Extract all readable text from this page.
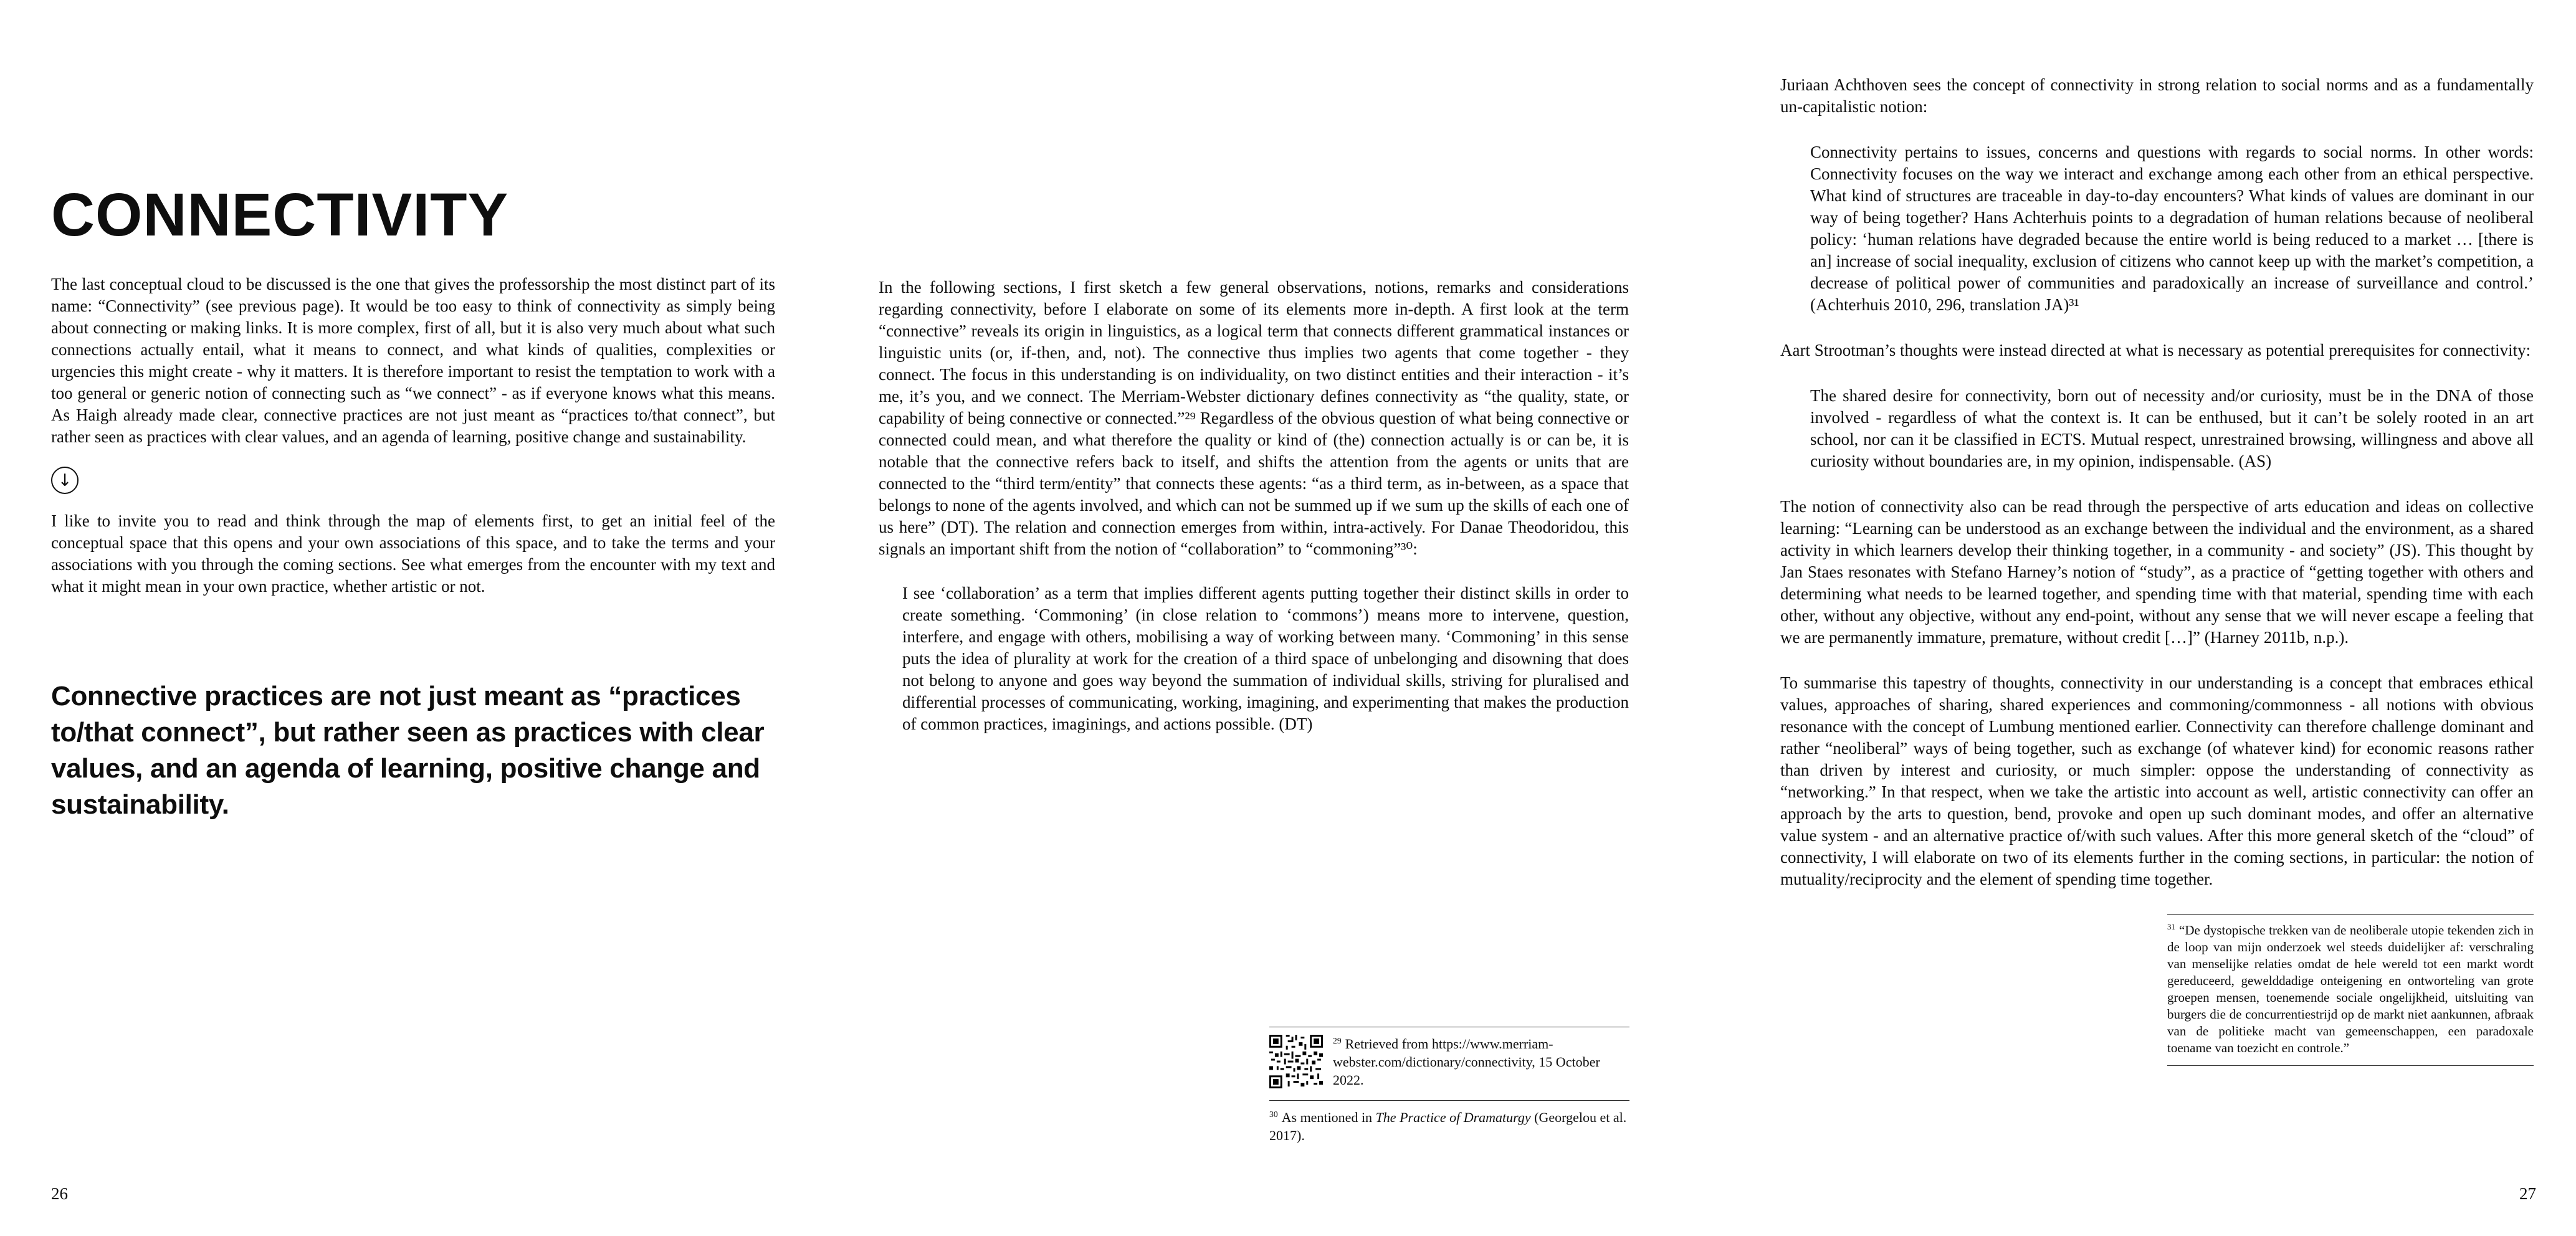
CONNECTIVITY

The last conceptual cloud to be discussed is the one that gives the professorship the most distinct part of its name: “Connectivity” (see previous page). It would be too easy to think of connectivity as simply being about connecting or making links. It is more complex, first of all, but it is also very much about what such connections actually entail, what it means to connect, and what kinds of qualities, complexities or urgencies this might create - why it matters. It is therefore important to resist the temptation to work with a too general or generic notion of connecting such as “we connect” - as if everyone knows what this means. As Haigh already made clear, connective practices are not just meant as “practices to/that connect”, but rather seen as practices with clear values, and an agenda of learning, positive change and sustainability.

↓

I like to invite you to read and think through the map of elements first, to get an initial feel of the conceptual space that this opens and your own associations of this space, and to take the terms and your associations with you through the coming sections. See what emerges from the encounter with my text and what it might mean in your own practice, whether artistic or not.

Connective practices are not just meant as “practices to/that connect”, but rather seen as practices with clear values, and an agenda of learning, positive change and sustainability.

In the following sections, I first sketch a few general observations, notions, remarks and considerations regarding connectivity, before I elaborate on some of its elements more in-depth. A first look at the term “connective” reveals its origin in linguistics, as a logical term that connects different grammatical instances or linguistic units (or, if-then, and, not). The connective thus implies two agents that come together - they connect. The focus in this understanding is on individuality, on two distinct entities and their interaction - it’s me, it’s you, and we connect. The Merriam-Webster dictionary defines connectivity as “the quality, state, or capability of being connective or connected.”²⁹ Regardless of the obvious question of what being connective or connected could mean, and what therefore the quality or kind of (the) connection actually is or can be, it is notable that the connective refers back to itself, and shifts the attention from the agents or units that are connected to the “third term/entity” that connects these agents: “as a third term, as in-between, as a space that belongs to none of the agents involved, and which can not be summed up if we sum up the skills of each one of us here” (DT). The relation and connection emerges from within, intra-actively. For Danae Theodoridou, this signals an important shift from the notion of “collaboration” to “commoning”³⁰:

I see ‘collaboration’ as a term that implies different agents putting together their distinct skills in order to create something. ‘Commoning’ (in close relation to ‘commons’) means more to intervene, question, interfere, and engage with others, mobilising a way of working between many. ‘Commoning’ in this sense puts the idea of plurality at work for the creation of a third space of unbelonging and disowning that does not belong to anyone and goes way beyond the summation of individual skills, striving for pluralised and differential processes of communicating, working, imagining, and experimenting that makes the production of common practices, imaginings, and actions possible. (DT)

$^{29}$ Retrieved from https://www.merriam-webster.com/dictionary/connectivity, 15 October 2022.

$^{30}$ As mentioned in The Practice of Dramaturgy (Georgelou et al. 2017).

26

Juriaan Achthoven sees the concept of connectivity in strong relation to social norms and as a fundamentally un-capitalistic notion:

Connectivity pertains to issues, concerns and questions with regards to social norms. In other words: Connectivity focuses on the way we interact and exchange among each other from an ethical perspective. What kind of structures are traceable in day-to-day encounters? What kinds of values are dominant in our way of being together? Hans Achterhuis points to a degradation of human relations because of neoliberal policy: ‘human relations have degraded because the entire world is being reduced to a market … [there is an] increase of social inequality, exclusion of citizens who cannot keep up with the market’s competition, a decrease of political power of communities and paradoxically an increase of surveillance and control.’ (Achterhuis 2010, 296, translation JA)³¹

Aart Strootman’s thoughts were instead directed at what is necessary as potential prerequisites for connectivity:

The shared desire for connectivity, born out of necessity and/or curiosity, must be in the DNA of those involved - regardless of what the context is. It can be enthused, but it can’t be solely rooted in an art school, nor can it be classified in ECTS. Mutual respect, unrestrained browsing, willingness and above all curiosity without boundaries are, in my opinion, indispensable. (AS)

The notion of connectivity also can be read through the perspective of arts education and ideas on collective learning: “Learning can be understood as an exchange between the individual and the environment, as a shared activity in which learners develop their thinking together, in a community - and society” (JS). This thought by Jan Staes resonates with Stefano Harney’s notion of “study”, as a practice of “getting together with others and determining what needs to be learned together, and spending time with that material, spending time with each other, without any objective, without any end-point, without any sense that we will never escape a feeling that we are permanently immature, premature, without credit […]” (Harney 2011b, n.p.).

To summarise this tapestry of thoughts, connectivity in our understanding is a concept that embraces ethical values, approaches of sharing, shared experiences and commoning/commonness - all notions with obvious resonance with the concept of Lumbung mentioned earlier. Connectivity can therefore challenge dominant and rather “neoliberal” ways of being together, such as exchange (of whatever kind) for economic reasons rather than driven by interest and curiosity, or much simpler: oppose the understanding of connectivity as “networking.” In that respect, when we take the artistic into account as well, artistic connectivity can offer an approach by the arts to question, bend, provoke and open up such dominant modes, and offer an alternative value system - and an alternative practice of/with such values. After this more general sketch of the “cloud” of connectivity, I will elaborate on two of its elements further in the coming sections, in particular: the notion of mutuality/reciprocity and the element of spending time together.

$^{31}$ “De dystopische trekken van de neoliberale utopie tekenden zich in de loop van mijn onderzoek wel steeds duidelijker af: verschraling van menselijke relaties omdat de hele wereld tot een markt wordt gereduceerd, gewelddadige onteigening en ontworteling van grote groepen mensen, toenemende sociale ongelijkheid, uitsluiting van burgers die de concurrentiestrijd op de markt niet aankunnen, afbraak van de politieke macht van gemeenschappen, een paradoxale toename van toezicht en controle.”
27
